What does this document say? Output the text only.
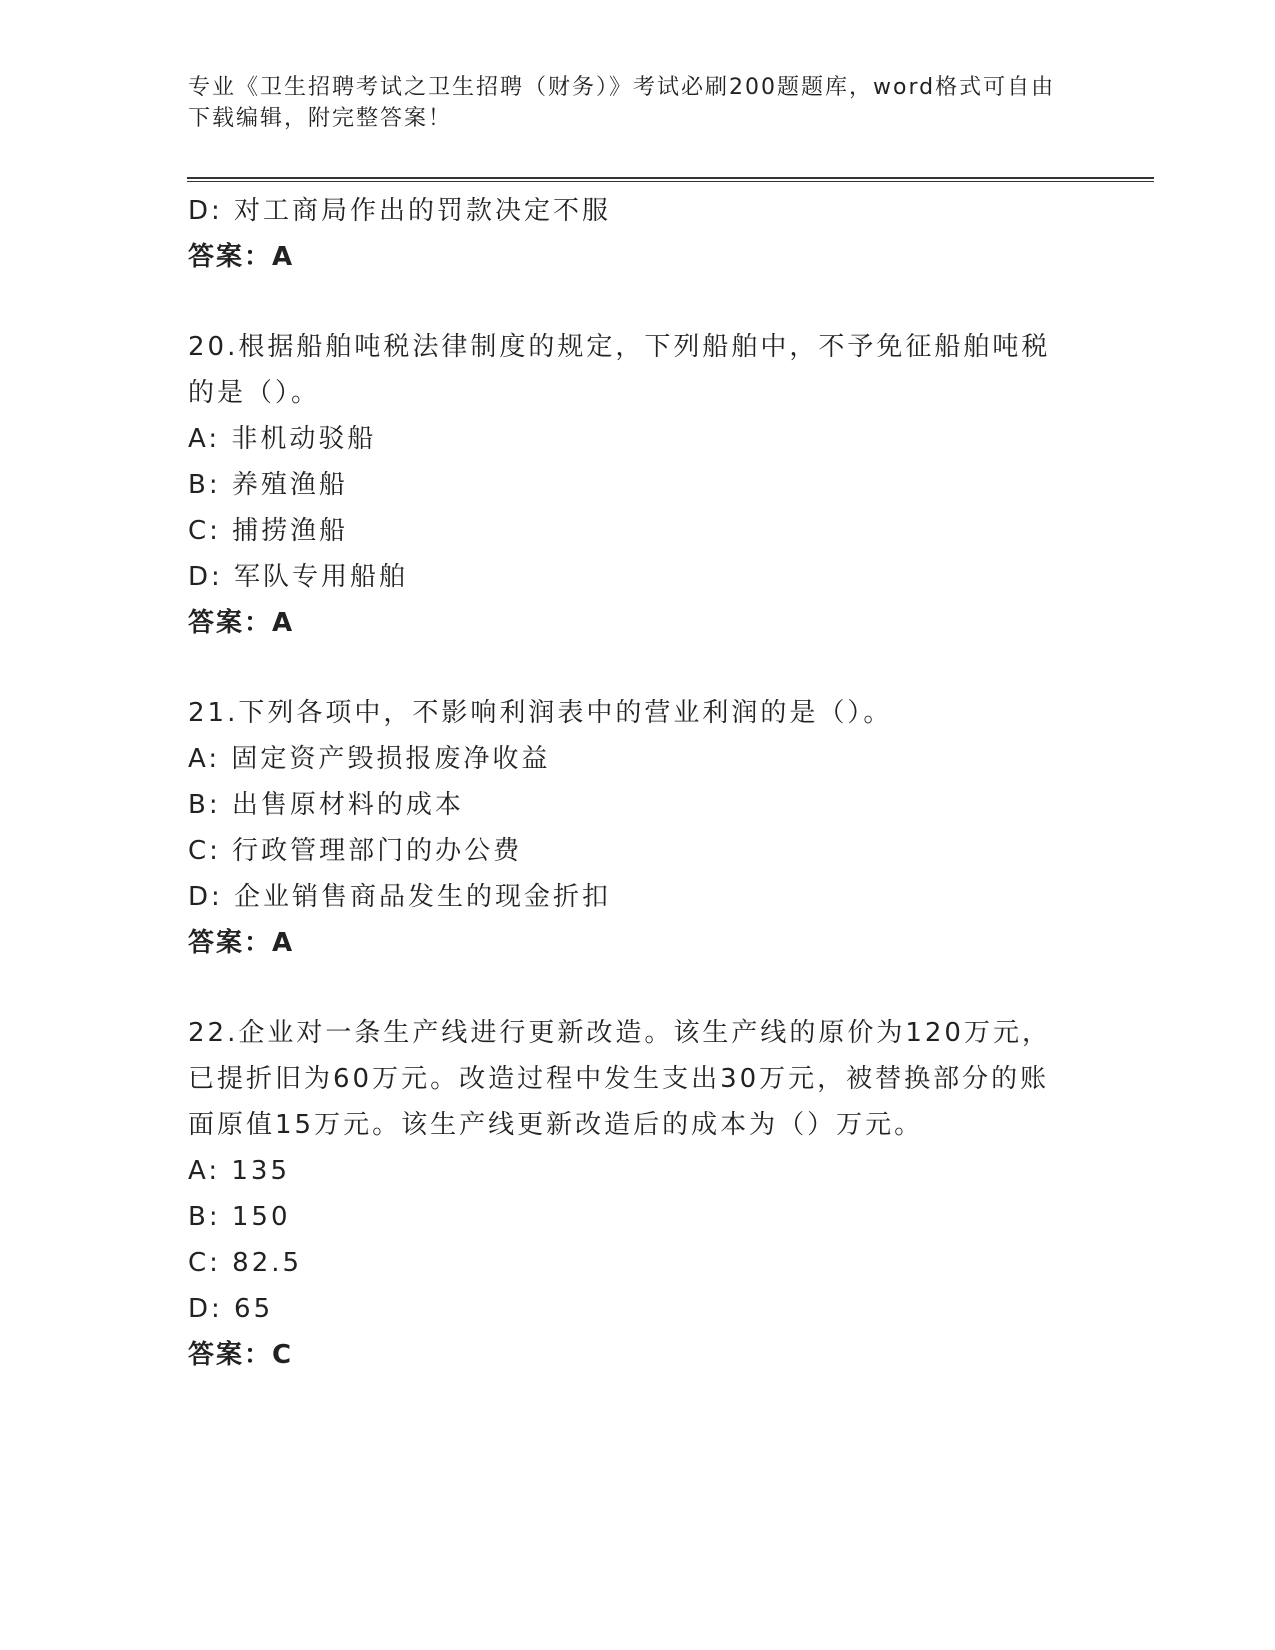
专业《卫生招聘考试之卫生招聘（财务）》考试必刷200题题库，word格式可自由下载编辑，附完整答案！
D: 对工商局作出的罚款决定不服
答案：A
20.根据船舶吨税法律制度的规定，下列船舶中，不予免征船舶吨税的是（）。
A: 非机动驳船
B: 养殖渔船
C: 捕捞渔船
D: 军队专用船舶
答案：A
21.下列各项中，不影响利润表中的营业利润的是（）。
A: 固定资产毁损报废净收益
B: 出售原材料的成本
C: 行政管理部门的办公费
D: 企业销售商品发生的现金折扣
答案：A
22.企业对一条生产线进行更新改造。该生产线的原价为120万元，已提折旧为60万元。改造过程中发生支出30万元，被替换部分的账面原值15万元。该生产线更新改造后的成本为（）万元。
A: 135
B: 150
C: 82.5
D: 65
答案：C
